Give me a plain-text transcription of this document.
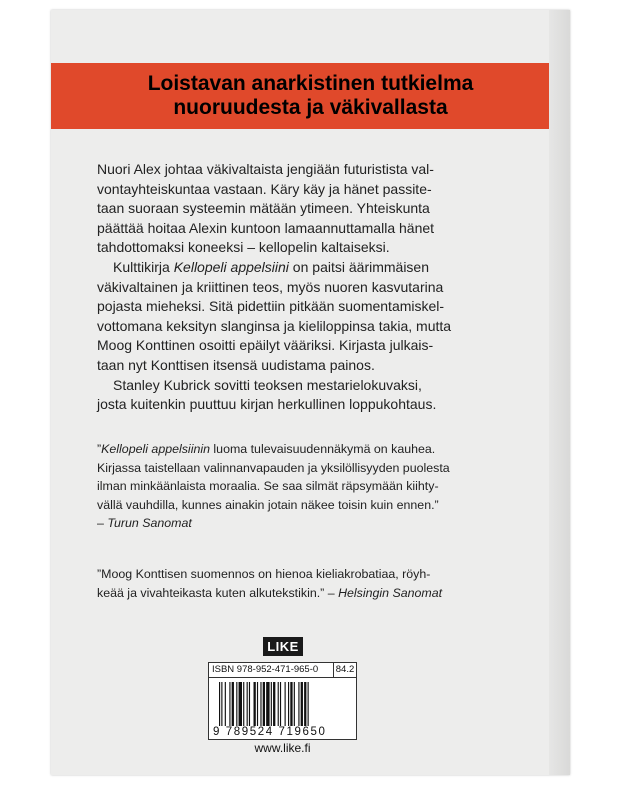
Loistavan anarkistinen tutkielma
nuoruudesta ja väkivallasta
Nuori Alex johtaa väkivaltaista jengiään futuristista val-
vontayhteiskuntaa vastaan. Käry käy ja hänet passite-
taan suoraan systeemin mätään ytimeen. Yhteiskunta
päättää hoitaa Alexin kuntoon lamaannuttamalla hänet
tahdottomaksi koneeksi – kellopelin kaltaiseksi.
Kulttikirja Kellopeli appelsiini on paitsi äärimmäisen
väkivaltainen ja kriittinen teos, myös nuoren kasvutarina
pojasta mieheksi. Sitä pidettiin pitkään suomentamiskel-
vottomana keksityn slanginsa ja kieliloppinsa takia, mutta
Moog Konttinen osoitti epäilyt vääriksi. Kirjasta julkais-
taan nyt Konttisen itsensä uudistama painos.
Stanley Kubrick sovitti teoksen mestarielokuvaksi,
josta kuitenkin puuttuu kirjan herkullinen loppukohtaus.
”Kellopeli appelsiinin luoma tulevaisuudennäkymä on kauhea.
Kirjassa taistellaan valinnanvapauden ja yksilöllisyyden puolesta
ilman minkäänlaista moraalia. Se saa silmät räpsymään kiihty-
vällä vauhdilla, kunnes ainakin jotain näkee toisin kuin ennen.”
– Turun Sanomat
”Moog Konttisen suomennos on hienoa kieliakrobatiaa, röyh-
keää ja vivahteikasta kuten alkutekstikin.” – Helsingin Sanomat
LIKE
ISBN 978-952-471-965-0 84.2
9 789524 719650
www.like.fi
